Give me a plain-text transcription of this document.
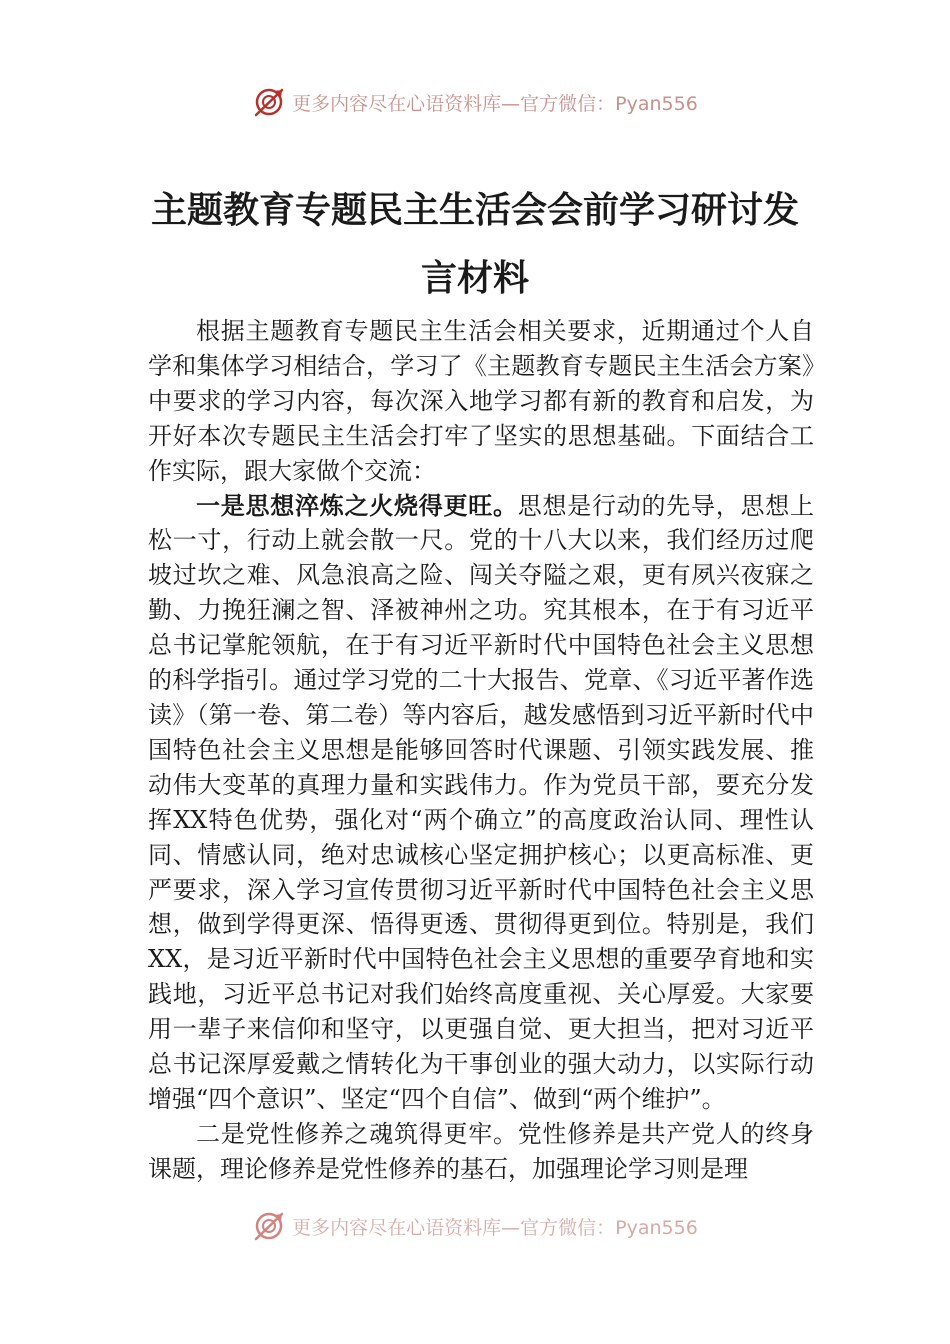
更多内容尽在心语资料库—官方微信：Pyan556
主题教育专题民主生活会会前学习研讨发
言材料

根据主题教育专题民主生活会相关要求，近期通过个人自学和集体学习相结合，学习了《主题教育专题民主生活会方案》中要求的学习内容，每次深入地学习都有新的教育和启发，为开好本次专题民主生活会打牢了坚实的思想基础。下面结合工作实际，跟大家做个交流：

一是思想淬炼之火烧得更旺。思想是行动的先导，思想上松一寸，行动上就会散一尺。党的十八大以来，我们经历过爬坡过坎之难、风急浪高之险、闯关夺隘之艰，更有夙兴夜寐之勤、力挽狂澜之智、泽被神州之功。究其根本，在于有习近平总书记掌舵领航，在于有习近平新时代中国特色社会主义思想的科学指引。通过学习党的二十大报告、党章、《习近平著作选读》（第一卷、第二卷）等内容后，越发感悟到习近平新时代中国特色社会主义思想是能够回答时代课题、引领实践发展、推动伟大变革的真理力量和实践伟力。作为党员干部，要充分发挥XX特色优势，强化对“两个确立”的高度政治认同、理性认同、情感认同，绝对忠诚核心坚定拥护核心；以更高标准、更严要求，深入学习宣传贯彻习近平新时代中国特色社会主义思想，做到学得更深、悟得更透、贯彻得更到位。特别是，我们XX，是习近平新时代中国特色社会主义思想的重要孕育地和实践地，习近平总书记对我们始终高度重视、关心厚爱。大家要用一辈子来信仰和坚守，以更强自觉、更大担当，把对习近平总书记深厚爱戴之情转化为干事创业的强大动力，以实际行动增强“四个意识”、坚定“四个自信”、做到“两个维护”。

二是党性修养之魂筑得更牢。党性修养是共产党人的终身课题，理论修养是党性修养的基石，加强理论学习则是理

更多内容尽在心语资料库—官方微信：Pyan556
